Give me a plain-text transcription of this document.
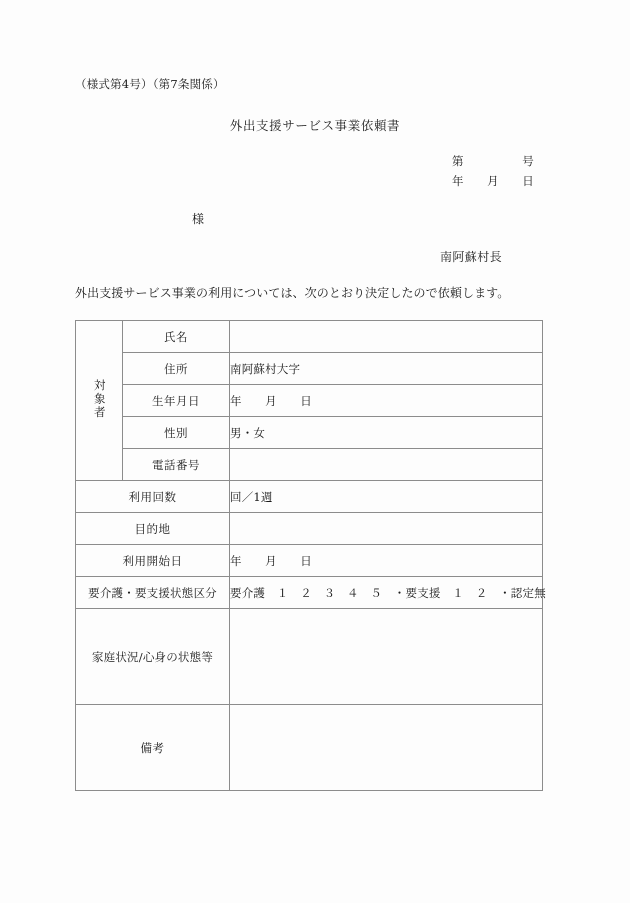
（様式第4号）（第7条関係）
外出支援サービス事業依頼書
第　　　　　号
年　　月　　日
様
南阿蘇村長
外出支援サービス事業の利用については、次のとおり決定したので依頼します。
対象者	氏名	
	住所	南阿蘇村大字
	生年月日	年　　月　　日
	性別	男・女
	電話番号	
利用回数		回／1週
目的地		
利用開始日		年　　月　　日
要介護・要支援状態区分		要介護　１　２　３　４　５　・要支援　１　２　・認定無
家庭状況/心身の状態等		
備考		
